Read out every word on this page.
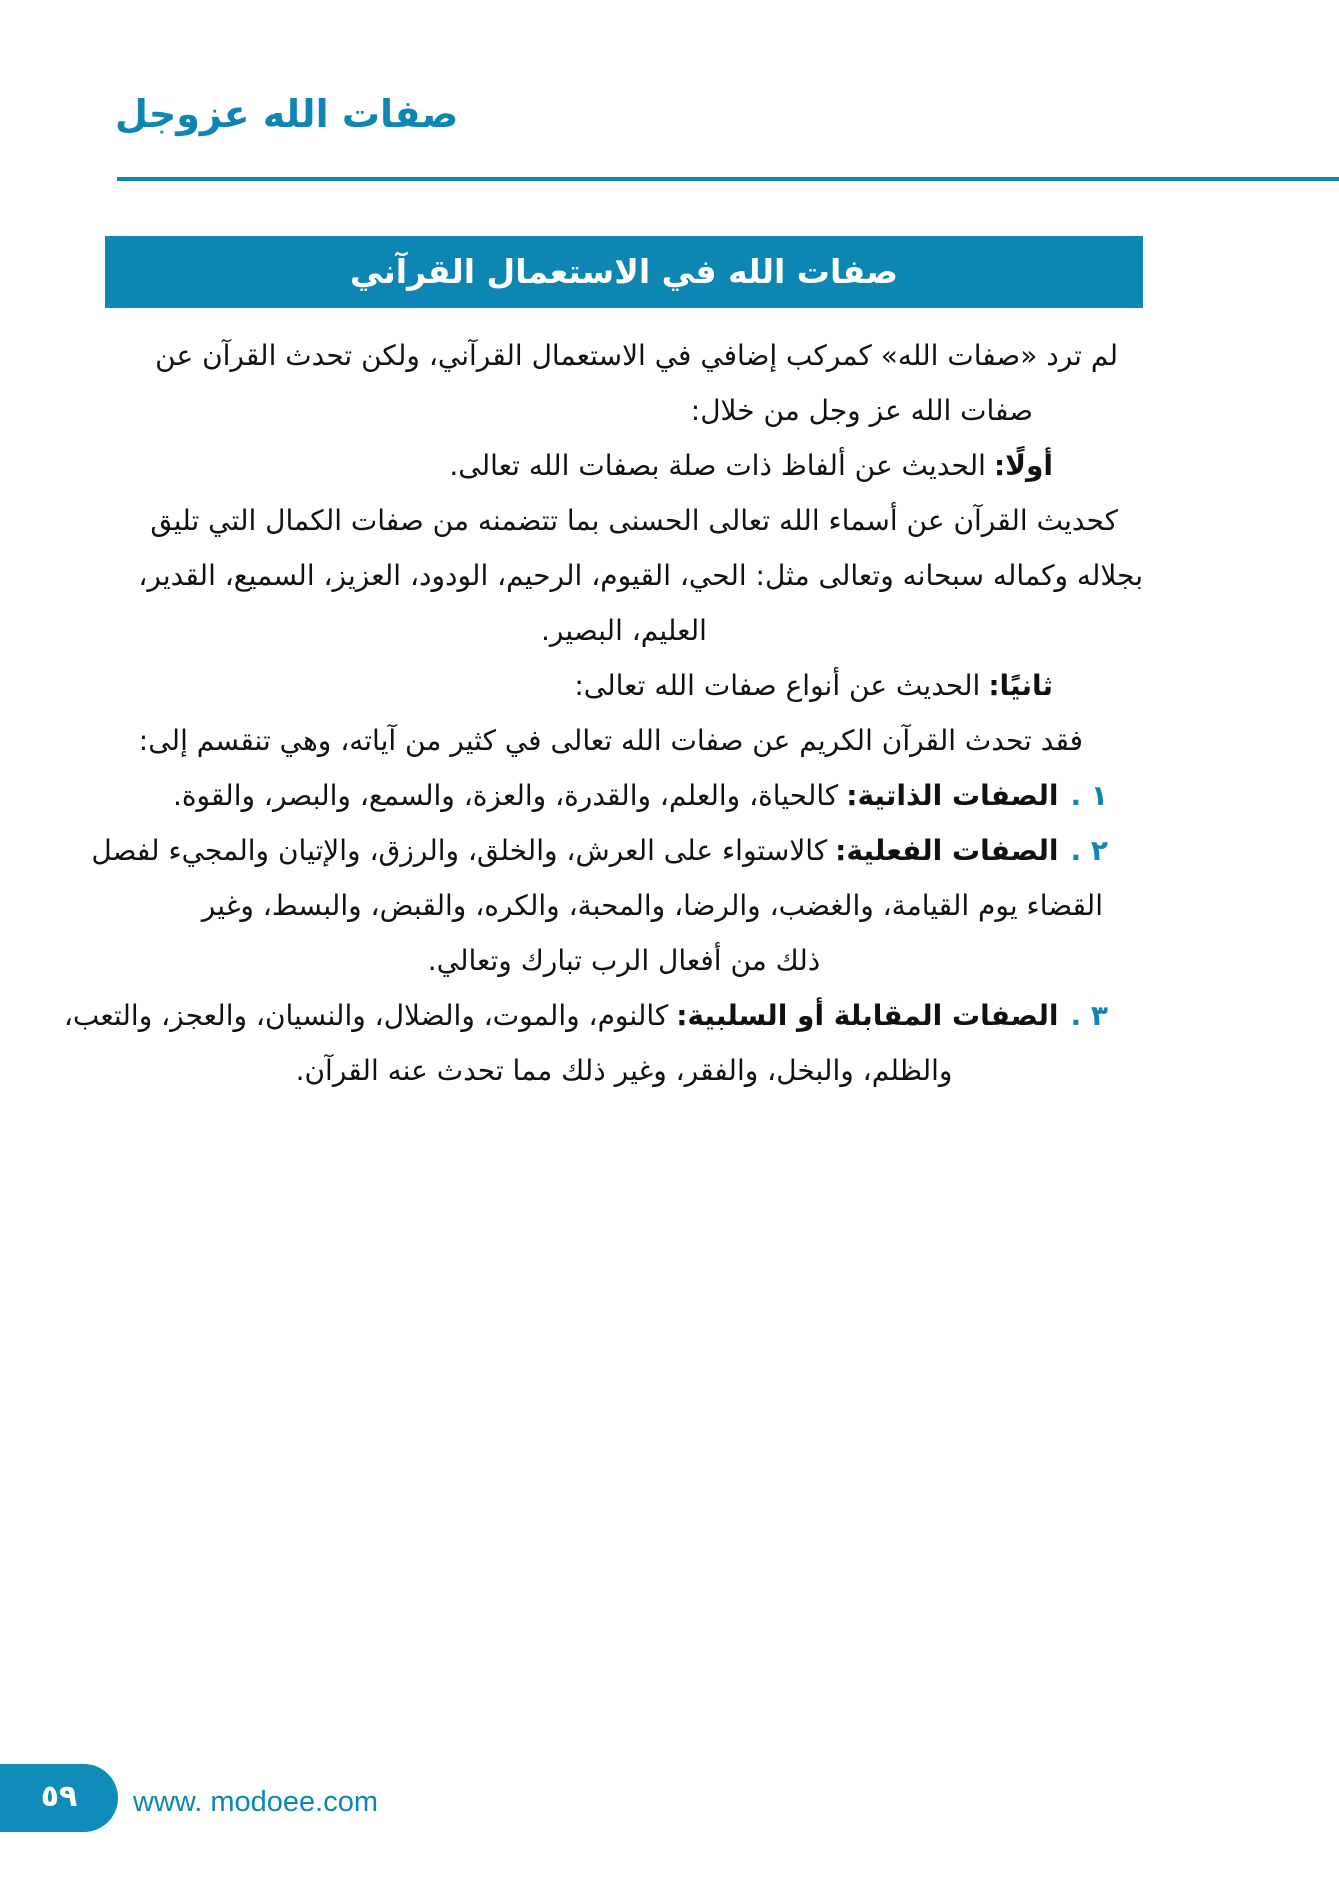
صفات الله عزوجل
صفات الله في الاستعمال القرآني
لم ترد «صفات الله» كمركب إضافي في الاستعمال القرآني، ولكن تحدث القرآن عن
صفات الله عز وجل من خلال:
أولًا:الحديث عن ألفاظ ذات صلة بصفات الله تعالى.
كحديث القرآن عن أسماء الله تعالى الحسنى بما تتضمنه من صفات الكمال التي تليق
بجلاله وكماله سبحانه وتعالى مثل: الحي، القيوم، الرحيم، الودود، العزيز، السميع، القدير،
العليم، البصير.
ثانيًا:الحديث عن أنواع صفات الله تعالى:
فقد تحدث القرآن الكريم عن صفات الله تعالى في كثير من آياته، وهي تنقسم إلى:
١ .الصفات الذاتية:كالحياة، والعلم، والقدرة، والعزة، والسمع، والبصر، والقوة.
٢ .الصفات الفعلية:كالاستواء على العرش، والخلق، والرزق، والإتيان والمجيء لفصل
القضاء يوم القيامة، والغضب، والرضا، والمحبة، والكره، والقبض، والبسط، وغير
ذلك من أفعال الرب تبارك وتعالي.
٣ .الصفات المقابلة أو السلبية:كالنوم، والموت، والضلال، والنسيان، والعجز، والتعب،
والظلم، والبخل، والفقر، وغير ذلك مما تحدث عنه القرآن.
٥٩	www. modoee.com
